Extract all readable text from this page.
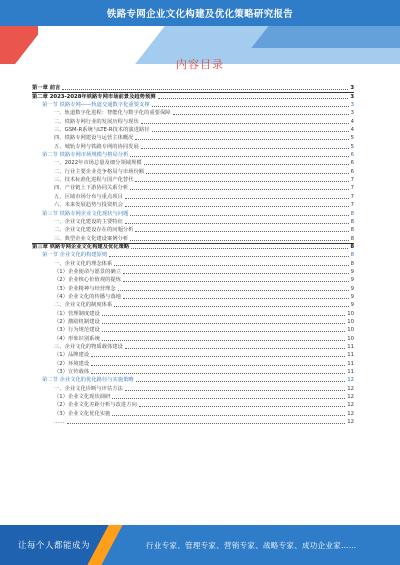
铁路专网企业文化构建及优化策略研究报告
内容目录
第一章 前言	3
第二章 2023-2028年铁路专网市场前景及趋势预测	3
第一节 铁路专网——轨道交通数字化重要支撑	3
一、轨道数字化进程：智能化与数字化的重要保障	3
二、铁路专网行业的发展历程与现状	4
三、GSM-R系统与LTE-R技术的演进路径	4
四、铁路专网建设与运营主体概况	5
五、城轨专网与铁路专网的协同发展	5
第二节 铁路专网市场规模与格局分析	6
一、2022年市场总量及细分领域规模	6
二、行业主要企业竞争格局与市场份额	6
三、技术标准化进程与国产化替代	7
四、产业链上下游协同关系分析	7
五、区域市场分布与重点项目	7
六、未来发展趋势与投资机会	7
第三节 铁路专网企业文化现状与问题	8
一、企业文化建设的主要特征	8
二、企业文化建设存在的问题分析	8
三、典型企业文化建设案例分析	8
第三章 铁路专网企业文化构建及优化策略	8
第一节 企业文化的构建原则	8
一、企业文化的理念体系	8
（1）企业使命与愿景的确立	9
（2）企业核心价值观的提炼	9
（3）企业精神与经营理念	9
（4）企业文化的传播与落地	9
二、企业文化的制度体系	9
（1）管理制度建设	10
（2）激励机制建设	10
（3）行为规范建设	10
（4）形象识别系统	10
三、企业文化的物质载体建设	11
（1）品牌建设	11
（2）环境建设	11
（3）宣传载体	11
第二节 企业文化的优化路径与实施策略	12
一、企业文化诊断与评估方法	12
（1）企业文化现状调研	12
（2）企业文化差距分析与改进方向	12
（3）企业文化优化实施	12
……	12
让每个人都能成为	行业专家、管理专家、营销专家、战略专家、成功企业家……
